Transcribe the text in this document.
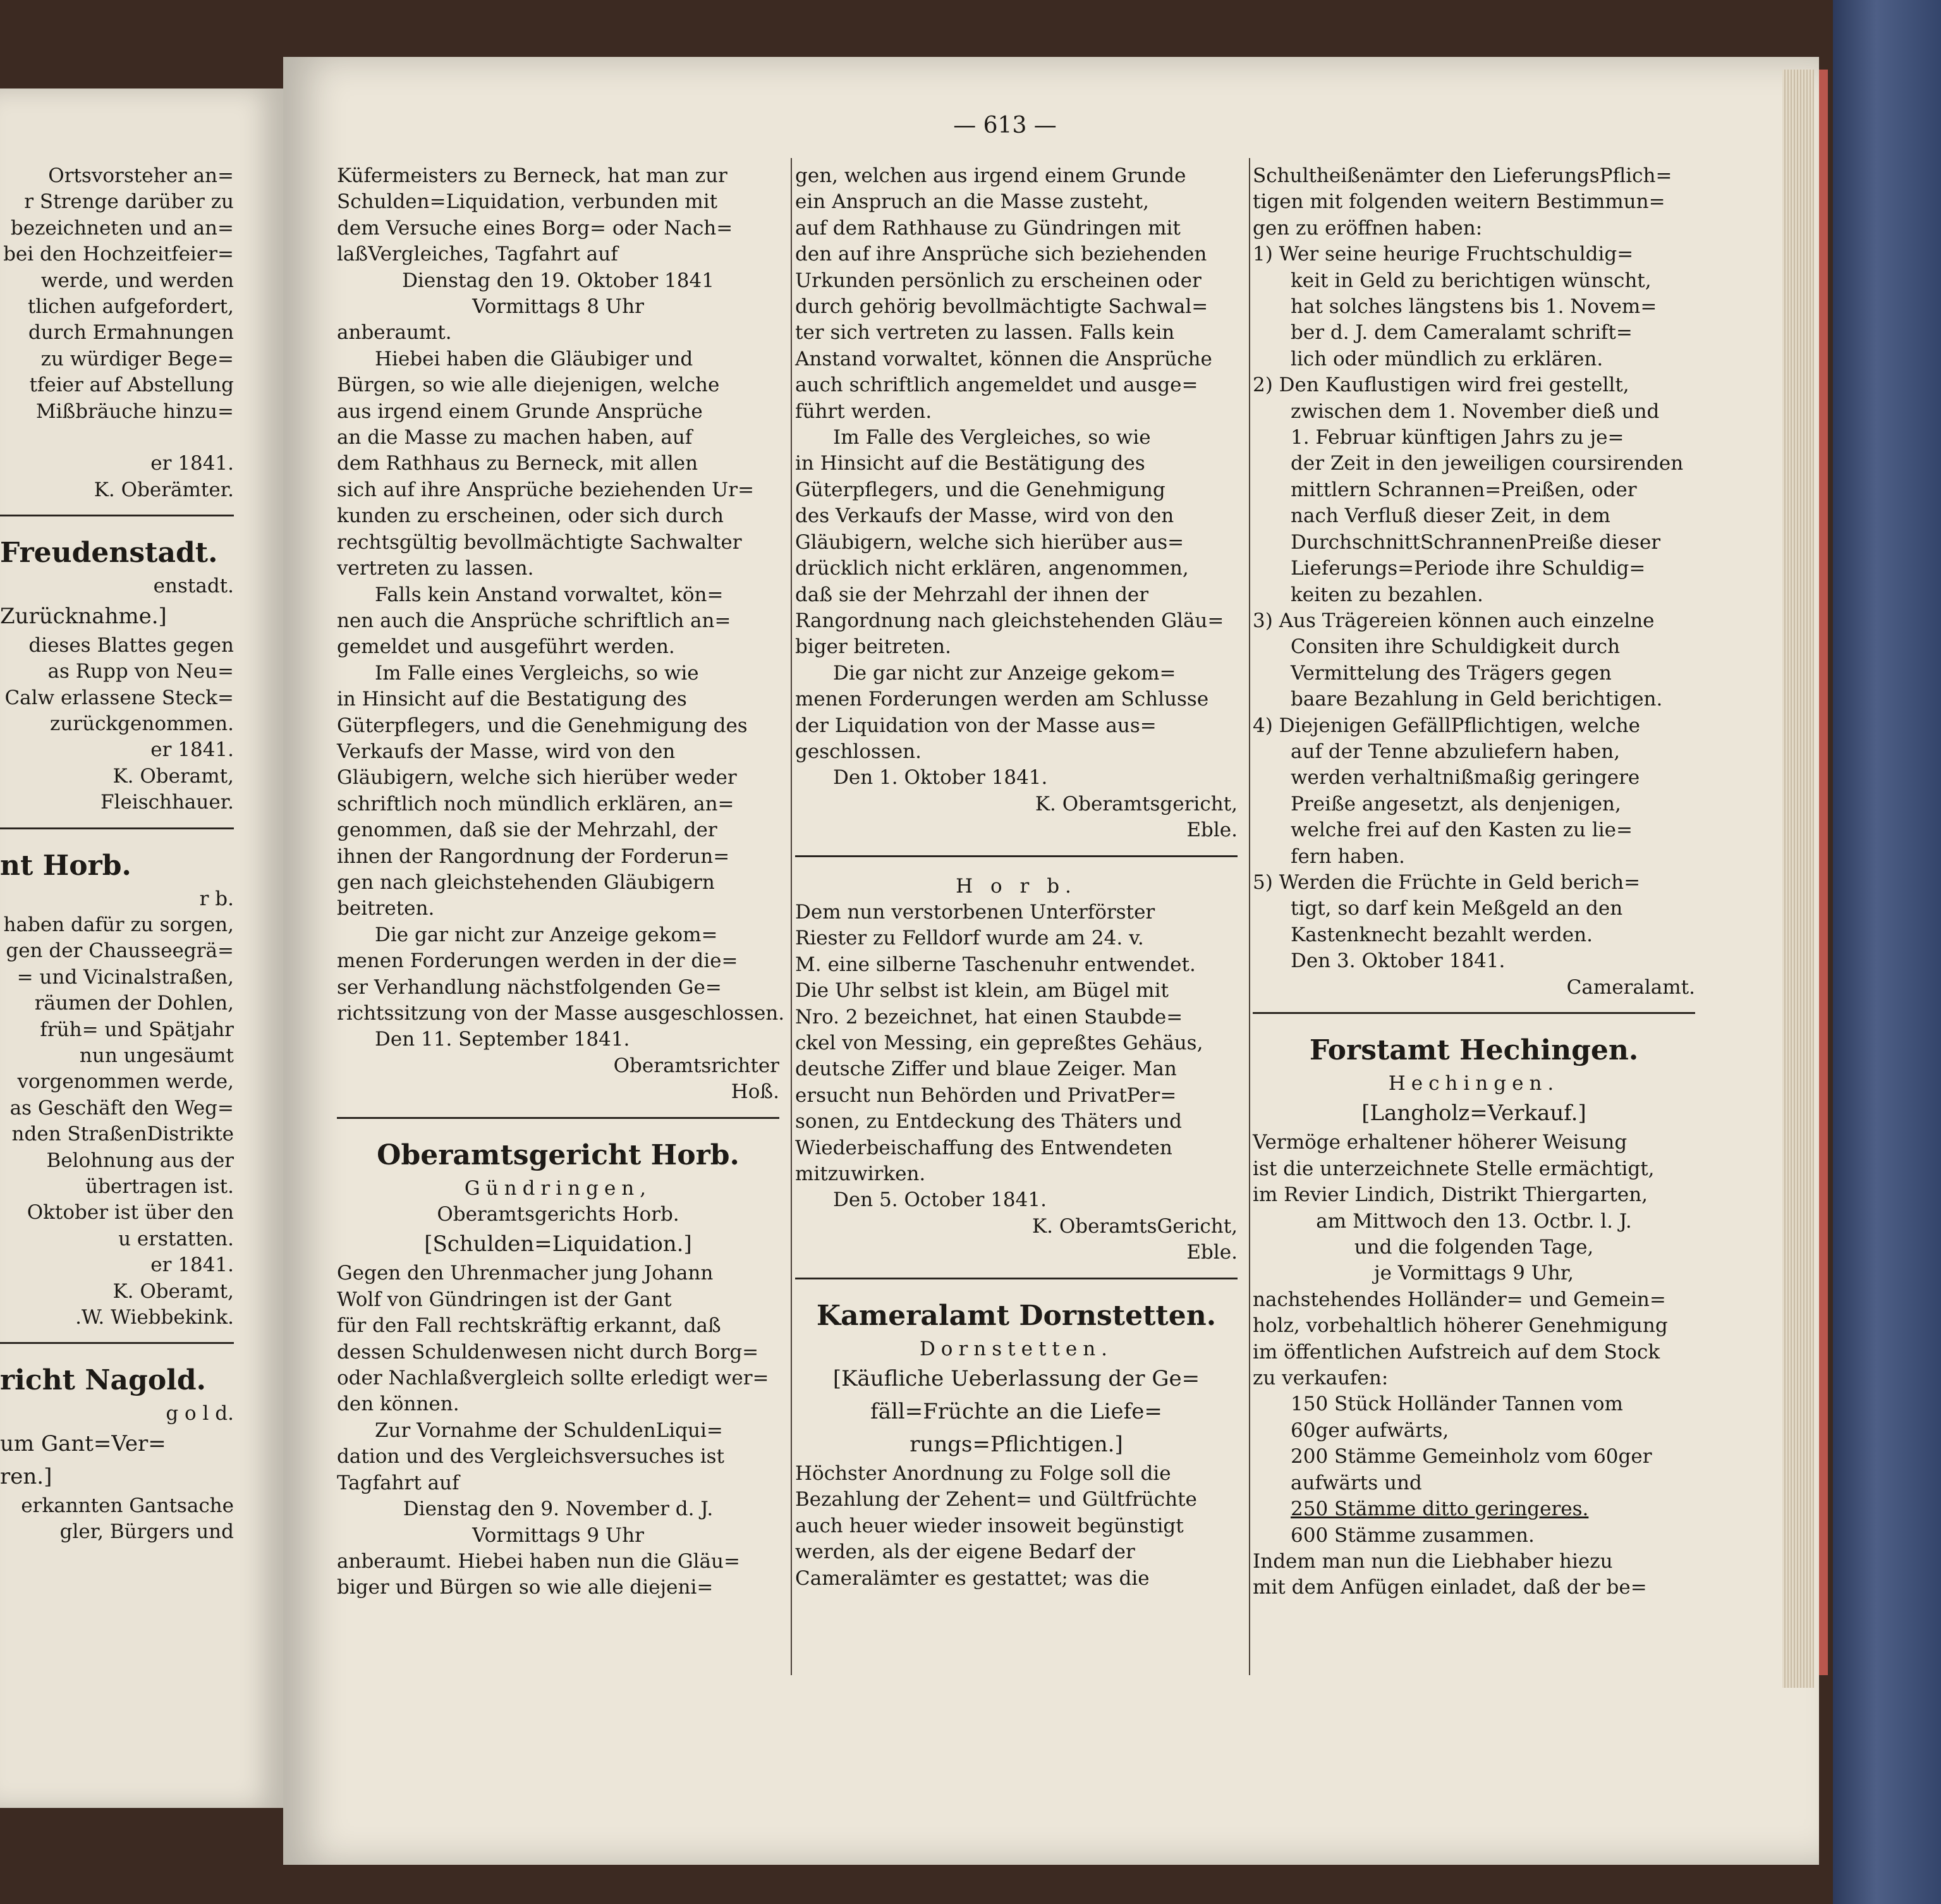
— 613 —

Ortsvorsteher an=

r Strenge darüber zu

bezeichneten und an=

bei den Hochzeitfeier=

werde, und werden

tlichen aufgefordert,

durch Ermahnungen

zu würdiger Bege=

tfeier auf Abstellung

Mißbräuche hinzu=

er 1841.

K. Oberämter.

Freudenstadt.

enstadt.

Zurücknahme.]

dieses Blattes gegen

as Rupp von Neu=

Calw erlassene Steck=

zurückgenommen.

er 1841.

K. Oberamt,

Fleischhauer.

nt Horb.

r b.

haben dafür zu sorgen,

gen der Chausseegrä=

= und Vicinalstraßen,

räumen der Dohlen,

früh= und Spätjahr

nun ungesäumt

vorgenommen werde,

as Geschäft den Weg=

nden StraßenDistrikte

Belohnung aus der

übertragen ist.

Oktober ist über den

u erstatten.

er 1841.

K. Oberamt,

.W. Wiebbekink.

richt Nagold.

g o l d.

um Gant=Ver=

ren.]

erkannten Gantsache

gler, Bürgers und

Küfermeisters zu Berneck, hat man zur

Schulden=Liquidation, verbunden mit

dem Versuche eines Borg= oder Nach=

laßVergleiches, Tagfahrt auf

Dienstag den 19. Oktober 1841

Vormittags 8 Uhr

anberaumt.

Hiebei haben die Gläubiger und

Bürgen, so wie alle diejenigen, welche

aus irgend einem Grunde Ansprüche

an die Masse zu machen haben, auf

dem Rathhaus zu Berneck, mit allen

sich auf ihre Ansprüche beziehenden Ur=

kunden zu erscheinen, oder sich durch

rechtsgültig bevollmächtigte Sachwalter

vertreten zu lassen.

Falls kein Anstand vorwaltet, kön=

nen auch die Ansprüche schriftlich an=

gemeldet und ausgeführt werden.

Im Falle eines Vergleichs, so wie

in Hinsicht auf die Bestatigung des

Güterpflegers, und die Genehmigung des

Verkaufs der Masse, wird von den

Gläubigern, welche sich hierüber weder

schriftlich noch mündlich erklären, an=

genommen, daß sie der Mehrzahl, der

ihnen der Rangordnung der Forderun=

gen nach gleichstehenden Gläubigern

beitreten.

Die gar nicht zur Anzeige gekom=

menen Forderungen werden in der die=

ser Verhandlung nächstfolgenden Ge=

richtssitzung von der Masse ausgeschlossen.

Den 11. September 1841.

Oberamtsrichter

Hoß.

Oberamtsgericht Horb.

Gündringen,

Oberamtsgerichts Horb.

[Schulden=Liquidation.]

Gegen den Uhrenmacher jung Johann

Wolf von Gündringen ist der Gant

für den Fall rechtskräftig erkannt, daß

dessen Schuldenwesen nicht durch Borg=

oder Nachlaßvergleich sollte erledigt wer=

den können.

Zur Vornahme der SchuldenLiqui=

dation und des Vergleichsversuches ist

Tagfahrt auf

Dienstag den 9. November d. J.

Vormittags 9 Uhr

anberaumt. Hiebei haben nun die Gläu=

biger und Bürgen so wie alle diejeni=

gen, welchen aus irgend einem Grunde

ein Anspruch an die Masse zusteht,

auf dem Rathhause zu Gündringen mit

den auf ihre Ansprüche sich beziehenden

Urkunden persönlich zu erscheinen oder

durch gehörig bevollmächtigte Sachwal=

ter sich vertreten zu lassen. Falls kein

Anstand vorwaltet, können die Ansprüche

auch schriftlich angemeldet und ausge=

führt werden.

Im Falle des Vergleiches, so wie

in Hinsicht auf die Bestätigung des

Güterpflegers, und die Genehmigung

des Verkaufs der Masse, wird von den

Gläubigern, welche sich hierüber aus=

drücklich nicht erklären, angenommen,

daß sie der Mehrzahl der ihnen der

Rangordnung nach gleichstehenden Gläu=

biger beitreten.

Die gar nicht zur Anzeige gekom=

menen Forderungen werden am Schlusse

der Liquidation von der Masse aus=

geschlossen.

Den 1. Oktober 1841.

K. Oberamtsgericht,

Eble.

H o r b.

Dem nun verstorbenen Unterförster

Riester zu Felldorf wurde am 24. v.

M. eine silberne Taschenuhr entwendet.

Die Uhr selbst ist klein, am Bügel mit

Nro. 2 bezeichnet, hat einen Staubde=

ckel von Messing, ein gepreßtes Gehäus,

deutsche Ziffer und blaue Zeiger. Man

ersucht nun Behörden und PrivatPer=

sonen, zu Entdeckung des Thäters und

Wiederbeischaffung des Entwendeten

mitzuwirken.

Den 5. October 1841.

K. OberamtsGericht,

Eble.

Kameralamt Dornstetten.

Dornstetten.

[Käufliche Ueberlassung der Ge=

fäll=Früchte an die Liefe=

rungs=Pflichtigen.]

Höchster Anordnung zu Folge soll die

Bezahlung der Zehent= und Gültfrüchte

auch heuer wieder insoweit begünstigt

werden, als der eigene Bedarf der

Cameralämter es gestattet; was die

Schultheißenämter den LieferungsPflich=

tigen mit folgenden weitern Bestimmun=

gen zu eröffnen haben:

1) Wer seine heurige Fruchtschuldig=

keit in Geld zu berichtigen wünscht,

hat solches längstens bis 1. Novem=

ber d. J. dem Cameralamt schrift=

lich oder mündlich zu erklären.

2) Den Kauflustigen wird frei gestellt,

zwischen dem 1. November dieß und

1. Februar künftigen Jahrs zu je=

der Zeit in den jeweiligen coursirenden

mittlern Schrannen=Preißen, oder

nach Verfluß dieser Zeit, in dem

DurchschnittSchrannenPreiße dieser

Lieferungs=Periode ihre Schuldig=

keiten zu bezahlen.

3) Aus Trägereien können auch einzelne

Consiten ihre Schuldigkeit durch

Vermittelung des Trägers gegen

baare Bezahlung in Geld berichtigen.

4) Diejenigen GefällPflichtigen, welche

auf der Tenne abzuliefern haben,

werden verhaltnißmaßig geringere

Preiße angesetzt, als denjenigen,

welche frei auf den Kasten zu lie=

fern haben.

5) Werden die Früchte in Geld berich=

tigt, so darf kein Meßgeld an den

Kastenknecht bezahlt werden.

Den 3. Oktober 1841.

Cameralamt.

Forstamt Hechingen.

Hechingen.

[Langholz=Verkauf.]

Vermöge erhaltener höherer Weisung

ist die unterzeichnete Stelle ermächtigt,

im Revier Lindich, Distrikt Thiergarten,

am Mittwoch den 13. Octbr. l. J.

und die folgenden Tage,

je Vormittags 9 Uhr,

nachstehendes Holländer= und Gemein=

holz, vorbehaltlich höherer Genehmigung

im öffentlichen Aufstreich auf dem Stock

zu verkaufen:

150 Stück Holländer Tannen vom

60ger aufwärts,

200 Stämme Gemeinholz vom 60ger

aufwärts und

250 Stämme ditto geringeres.

600 Stämme zusammen.

Indem man nun die Liebhaber hiezu

mit dem Anfügen einladet, daß der be=
